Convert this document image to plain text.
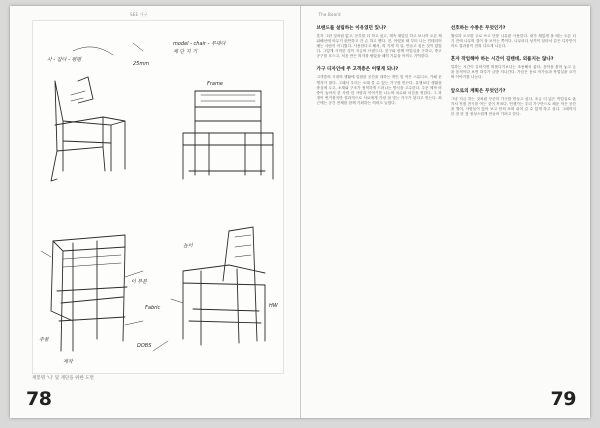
SEE 가구
사 - 잡다 - 평평
model - chair - 무대다
재 단 지 기
25mm
Frame
높이
이 부분
재작
Fabric
DOBS
HW
주물
재봉명 '니' 및 재단을 위한 도면
78
The Board

브랜드를 설립하는 이유였던 있나?

혼자 그런 것처럼 없고, 공부를 더 하고 싶고, 계속 재밌던 하고 보니까 오픈 제 위해선에 아무거 편안하고 간 손 하고 했다. 전, 어렸을 때 부터 나는 인테리어 배는 사람이 아니었다. 사용한다고 해서, 의 지게 직 알, 만들고 싶은 것이 있었다. 그렇게 시작한 것이 지금의 브랜드다. 친구와 함께 작업실을 구하고, 중고 공구를 모으고, 처음 만든 의자를 팔았을 때의 기분을 아직도 기억한다.

가구 디자인에 주 고객층은 어떻게 되나?

고객층의 시대의 생활에 밀접한 공간을 대하는 개인 및 작은 스튜디오, 카페 운영자가 많다. 그래서 우리는 오래 쓸 수 있는 가구를 만든다. 유행보다 생활을 중심에 두고, 소재와 구조가 정직하게 드러나는 방식을 고수한다. 주문 제작 비중이 높아서 한 사람 한 사람과 이야기를 나누며 치수와 마감을 정한다. 그 과정이 번거롭지만 결과적으로 서로에게 가장 잘 맞는 가구가 된다고 믿는다. 최근에는 공간 전체를 함께 기획하는 의뢰도 늘었다.

선호하는 수종은 무엇인가?

월넛과 오크를 주로 쓰고 단풍 나무를 사용한다. 내가 재밌게 볼 때는 오픈 되기 전에 나무의 결이 잘 보이는 쪽이다. 나무마다 성격이 달라서 같은 디자인이라도 결과물이 전혀 다르게 나온다.

혼자 작업해야 하는 시간이 길텐데, 외롭지는 않나?

일하는 시간이 길어지면 외롭다기보다는 조용해서 좋다. 음악을 틀어 놓고 손을 움직이다 보면 하루가 금방 지나간다. 가끔은 동료 작가들과 작업실을 오가며 이야기를 나눈다.

앞으로의 계획은 무엇인가?

그냥 지금 하는 것처럼 꾸준히 가구를 만들고 싶다. 조금 더 넓은 작업실로 옮겨서 직접 전시를 여는 것이 목표다. 언젠가는 우리 가구만으로 채운 작은 공간을 열어, 사람들이 앉아 보고 만져 보며 쉬어 갈 수 있게 하고 싶다. 그때까지 한 점 한 점 정성스럽게 만들어 가려고 한다.

79
